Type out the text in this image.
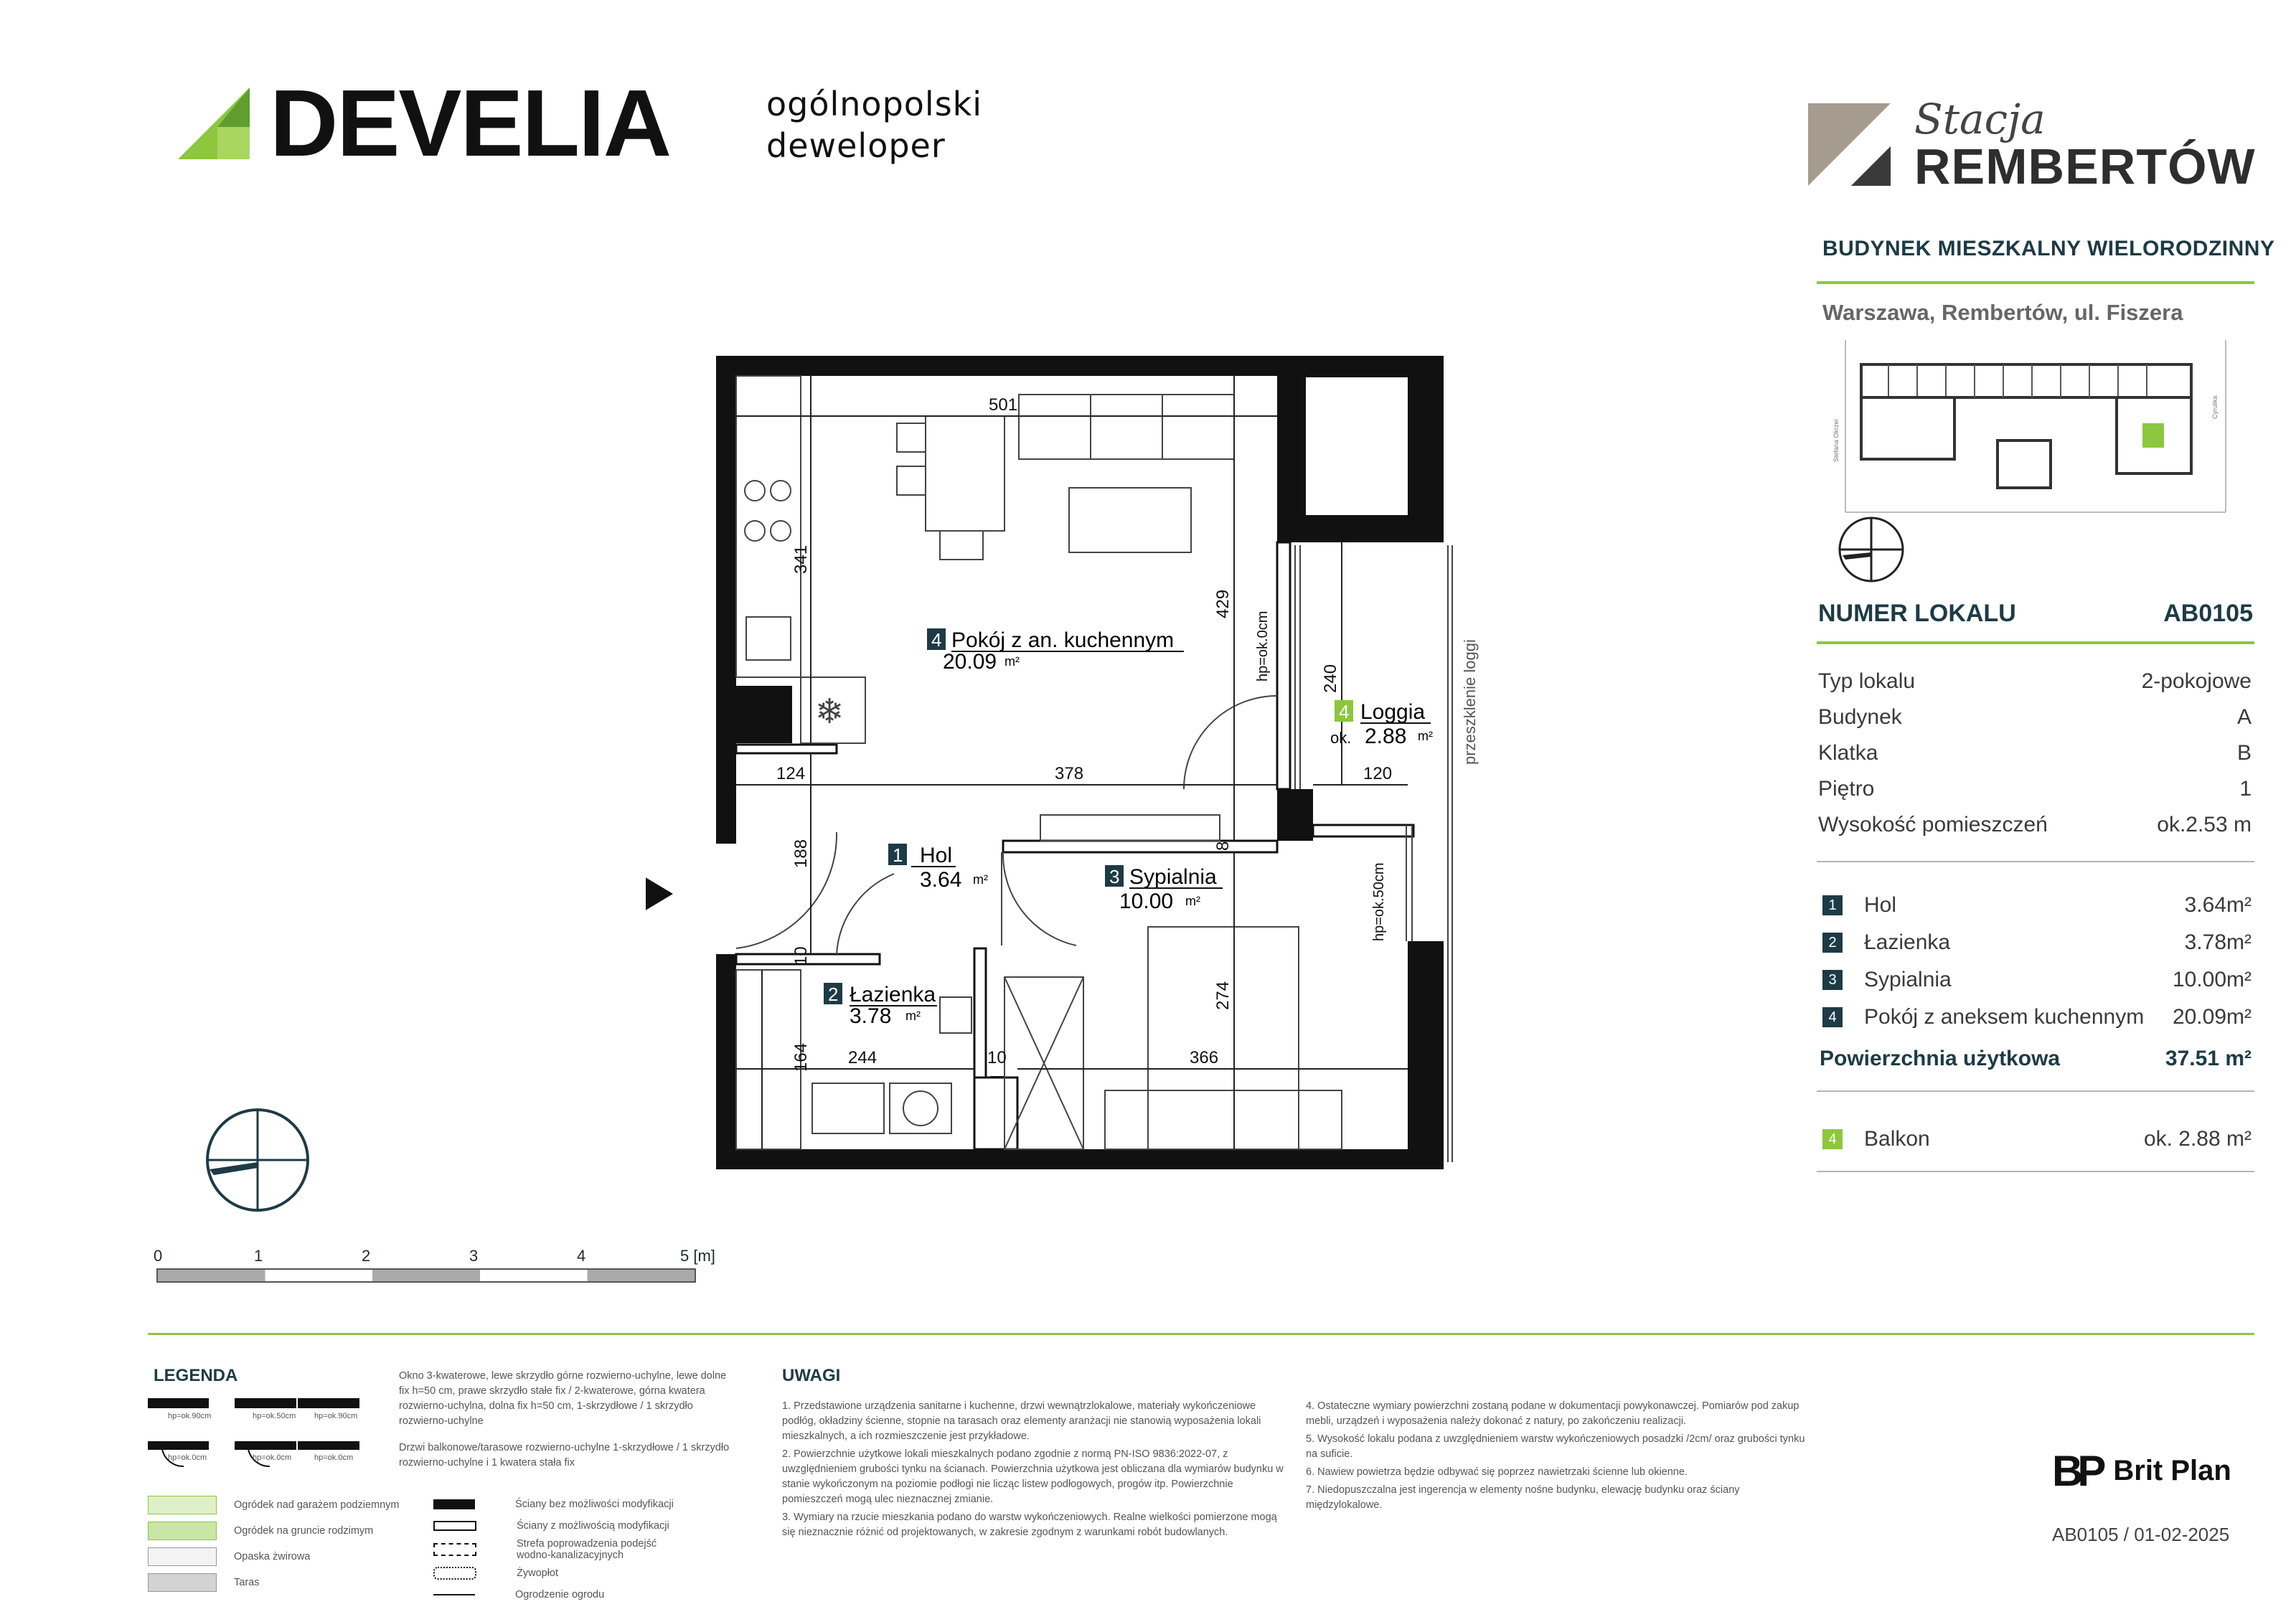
DEVELIA	ogólnopolski
deweloper
Stacja
REMBERTÓW
BUDYNEK MIESZKALNY WIELORODZINNY
Warszawa, Rembertów, ul. Fiszera
Stefana Okrzei
Cyrulika
NUMER LOKALU	AB0105
Typ lokalu	2-pokojowe
Budynek	A
Klatka	B
Piętro	1
Wysokość pomieszczeń	ok.2.53 m
1 Hol	3.64m²
2 Łazienka	3.78m²
3 Sypialnia	10.00m²
4 Pokój z aneksem kuchennym	20.09m²
Powierzchnia użytkowa	37.51 m²
4 Balkon	ok. 2.88 m²
❄
501
341
429
124	378	120
240
188	8
10
164 244	10	366
274
hp=ok.0cm
hp=ok.50cm
przeszklenie loggi
4 Pokój z an. kuchennym
20.09 m²
1 Hol
3.64 m²	3 Sypialnia
10.00 m²
2 Łazienka
3.78 m²
4 Loggia
ok. 2.88 m²
0	1	2	3	4	5 [m]
LEGENDA
hp=ok.90cm	hp=ok.50cm hp=ok.90cm
hp=ok.0cm	hp=ok.0cm	hp=ok.0cm
Okno 3-kwaterowe, lewe skrzydło górne rozwierno-uchylne, lewe dolne fix h=50 cm, prawe skrzydło stałe fix / 2-kwaterowe, górna kwatera rozwierno-uchylna, dolna fix h=50 cm, 1-skrzydłowe / 1 skrzydło rozwierno-uchylne
Drzwi balkonowe/tarasowe rozwierno-uchylne 1-skrzydłowe / 1 skrzydło rozwierno-uchylne i 1 kwatera stała fix
Ogródek nad garażem podziemnym
Ogródek na gruncie rodzimym
Opaska żwirowa
Taras
Ściany bez możliwości modyfikacji
Ściany z możliwością modyfikacji
Strefa poprowadzenia podejść wodno-kanalizacyjnych
Żywopłot
Ogrodzenie ogrodu
UWAGI

1. Przedstawione urządzenia sanitarne i kuchenne, drzwi wewnątrzlokalowe, materiały wykończeniowe podłóg, okładziny ścienne, stopnie na tarasach oraz elementy aranżacji nie stanowią wyposażenia lokali mieszkalnych, a ich rozmieszczenie jest przykładowe.

2. Powierzchnie użytkowe lokali mieszkalnych podano zgodnie z normą PN-ISO 9836:2022-07, z uwzględnieniem grubości tynku na ścianach. Powierzchnia użytkowa jest obliczana dla wymiarów budynku w stanie wykończonym na poziomie podłogi nie licząc listew podłogowych, progów itp. Powierzchnie pomieszczeń mogą ulec nieznacznej zmianie.

3. Wymiary na rzucie mieszkania podano do warstw wykończeniowych. Realne wielkości pomierzone mogą się nieznacznie różnić od projektowanych, w zakresie zgodnym z warunkami robót budowlanych.

4. Ostateczne wymiary powierzchni zostaną podane w dokumentacji powykonawczej. Pomiarów pod zakup mebli, urządzeń i wyposażenia należy dokonać z natury, po zakończeniu realizacji.

5. Wysokość lokalu podana z uwzględnieniem warstw wykończeniowych posadzki /2cm/ oraz grubości tynku na suficie.

6. Nawiew powietrza będzie odbywać się poprzez nawietrzaki ścienne lub okienne.

7. Niedopuszczalna jest ingerencja w elementy nośne budynku, elewację budynku oraz ściany międzylokalowe.

BP Brit Plan
AB0105 / 01-02-2025
